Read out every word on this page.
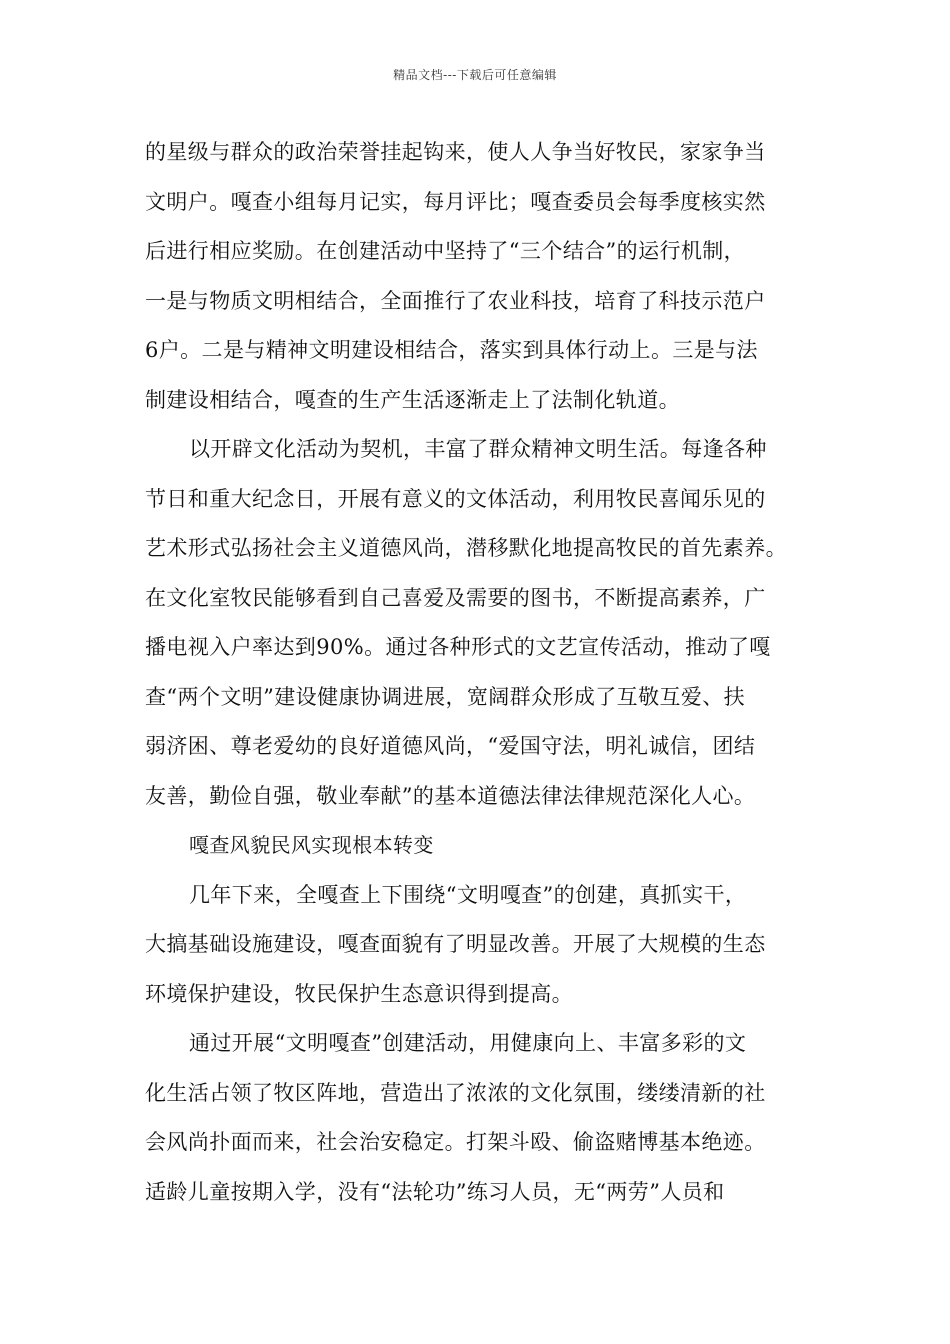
精品文档---下载后可任意编辑
的星级与群众的政治荣誉挂起钩来，使人人争当好牧民，家家争当
文明户。嘎查小组每月记实，每月评比；嘎查委员会每季度核实然
后进行相应奖励。在创建活动中坚持了“三个结合”的运行机制，
一是与物质文明相结合，全面推行了农业科技，培育了科技示范户
6户。二是与精神文明建设相结合，落实到具体行动上。三是与法
制建设相结合，嘎查的生产生活逐渐走上了法制化轨道。
以开辟文化活动为契机，丰富了群众精神文明生活。每逢各种
节日和重大纪念日，开展有意义的文体活动，利用牧民喜闻乐见的
艺术形式弘扬社会主义道德风尚，潜移默化地提高牧民的首先素养。
在文化室牧民能够看到自己喜爱及需要的图书，不断提高素养，广
播电视入户率达到90%。通过各种形式的文艺宣传活动，推动了嘎
查“两个文明”建设健康协调进展，宽阔群众形成了互敬互爱、扶
弱济困、尊老爱幼的良好道德风尚，“爱国守法，明礼诚信，团结
友善，勤俭自强，敬业奉献”的基本道德法律法律规范深化人心。
嘎查风貌民风实现根本转变
几年下来，全嘎查上下围绕“文明嘎查”的创建，真抓实干，
大搞基础设施建设，嘎查面貌有了明显改善。开展了大规模的生态
环境保护建设，牧民保护生态意识得到提高。
通过开展“文明嘎查”创建活动，用健康向上、丰富多彩的文
化生活占领了牧区阵地，营造出了浓浓的文化氛围，缕缕清新的社
会风尚扑面而来，社会治安稳定。打架斗殴、偷盗赌博基本绝迹。
适龄儿童按期入学，没有“法轮功”练习人员，无“两劳”人员和
